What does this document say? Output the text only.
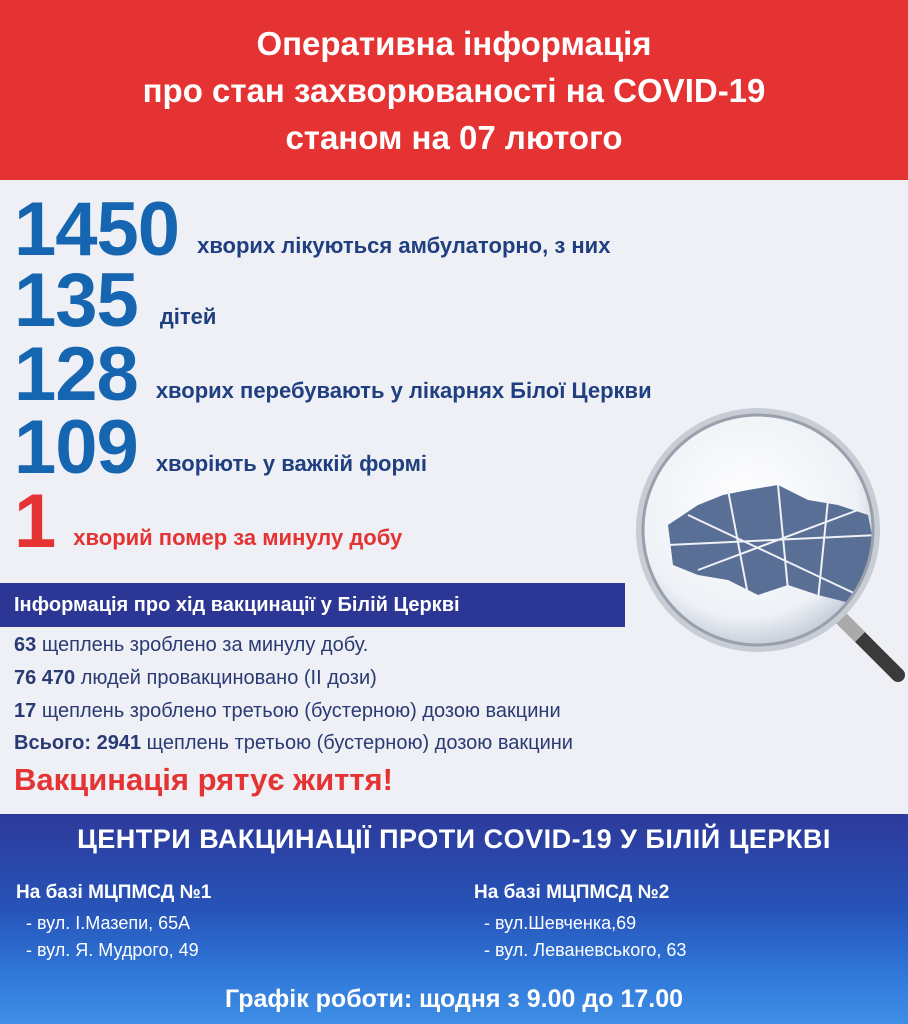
Оперативна інформація
про стан захворюваності на COVID-19
станом на 07 лютого
1450 хворих лікуються амбулаторно, з них
135 дітей
128 хворих перебувають у лікарнях Білої Церкви
109 хворіють у важкій формі
1 хворий помер за минулу добу
Інформація про хід вакцинації у Білій Церкві
63 щеплень зроблено за минулу добу.
76 470 людей провакциновано (ІІ дози)
17 щеплень зроблено третьою (бустерною) дозою вакцини
Всього: 2941 щеплень третьою (бустерною) дозою вакцини
Вакцинація рятує життя!
ЦЕНТРИ ВАКЦИНАЦІЇ ПРОТИ COVID-19 У БІЛІЙ ЦЕРКВІ
На базі МЦПМСД №1
- вул. І.Мазепи, 65А
- вул. Я. Мудрого, 49
На базі МЦПМСД №2
- вул.Шевченка,69
- вул. Леваневського, 63
Графік роботи: щодня з 9.00 до 17.00
